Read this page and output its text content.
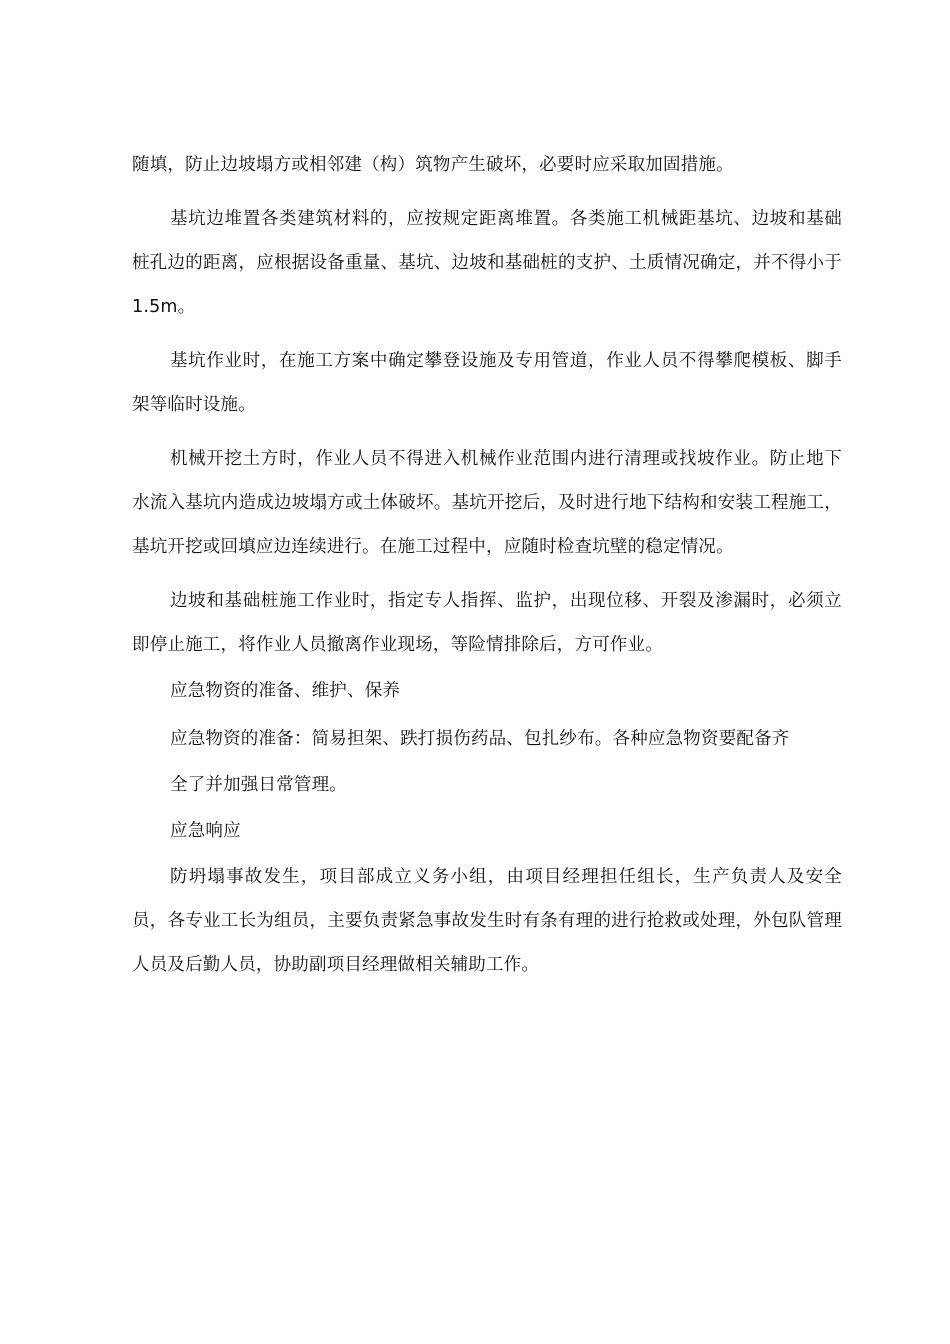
随填，防止边坡塌方或相邻建（构）筑物产生破坏，必要时应采取加固措施。

基坑边堆置各类建筑材料的，应按规定距离堆置。各类施工机械距基坑、边坡和基础桩孔边的距离，应根据设备重量、基坑、边坡和基础桩的支护、土质情况确定，并不得小于1.5m。

基坑作业时，在施工方案中确定攀登设施及专用管道，作业人员不得攀爬模板、脚手架等临时设施。

机械开挖土方时，作业人员不得进入机械作业范围内进行清理或找坡作业。防止地下水流入基坑内造成边坡塌方或土体破坏。基坑开挖后，及时进行地下结构和安装工程施工，基坑开挖或回填应边连续进行。在施工过程中，应随时检查坑壁的稳定情况。

边坡和基础桩施工作业时，指定专人指挥、监护，出现位移、开裂及渗漏时，必须立即停止施工，将作业人员撤离作业现场，等险情排除后，方可作业。

应急物资的准备、维护、保养

应急物资的准备：简易担架、跌打损伤药品、包扎纱布。各种应急物资要配备齐

全了并加强日常管理。

应急响应

防坍塌事故发生，项目部成立义务小组，由项目经理担任组长，生产负责人及安全员，各专业工长为组员，主要负责紧急事故发生时有条有理的进行抢救或处理，外包队管理人员及后勤人员，协助副项目经理做相关辅助工作。
